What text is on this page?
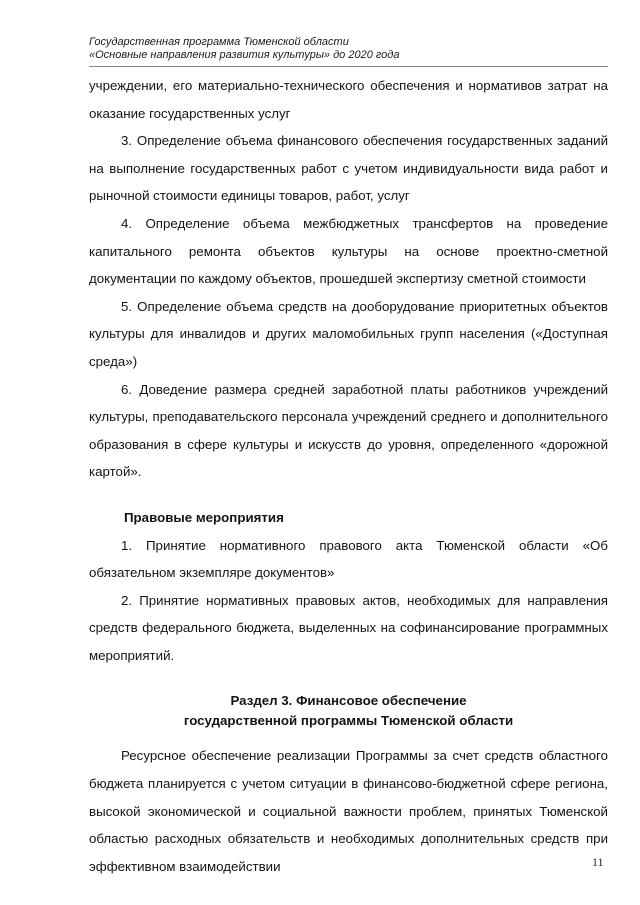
Государственная программа Тюменской области
«Основные направления развития культуры» до 2020 года

учреждении, его материально-технического обеспечения и нормативов затрат на оказание государственных услуг

3. Определение объема финансового обеспечения государственных заданий на выполнение государственных работ с учетом индивидуальности вида работ и рыночной стоимости единицы товаров, работ, услуг

4. Определение объема межбюджетных трансфертов на проведение капитального ремонта объектов культуры на основе проектно-сметной документации по каждому объектов, прошедшей экспертизу сметной стоимости

5. Определение объема средств на дооборудование приоритетных объектов культуры для инвалидов и других маломобильных групп населения («Доступная среда»)

6. Доведение размера средней заработной платы работников учреждений культуры, преподавательского персонала учреждений среднего и дополнительного образования в сфере культуры и искусств до уровня, определенного «дорожной картой».

Правовые мероприятия

1. Принятие нормативного правового акта Тюменской области «Об обязательном экземпляре документов»

2. Принятие нормативных правовых актов, необходимых для направления средств федерального бюджета, выделенных на софинансирование программных мероприятий.

Раздел 3. Финансовое обеспечение

государственной программы Тюменской области

Ресурсное обеспечение реализации Программы за счет средств областного бюджета планируется с учетом ситуации в финансово-бюджетной сфере региона, высокой экономической и социальной важности проблем, принятых Тюменской областью расходных обязательств и необходимых дополнительных средств при эффективном взаимодействии	11
